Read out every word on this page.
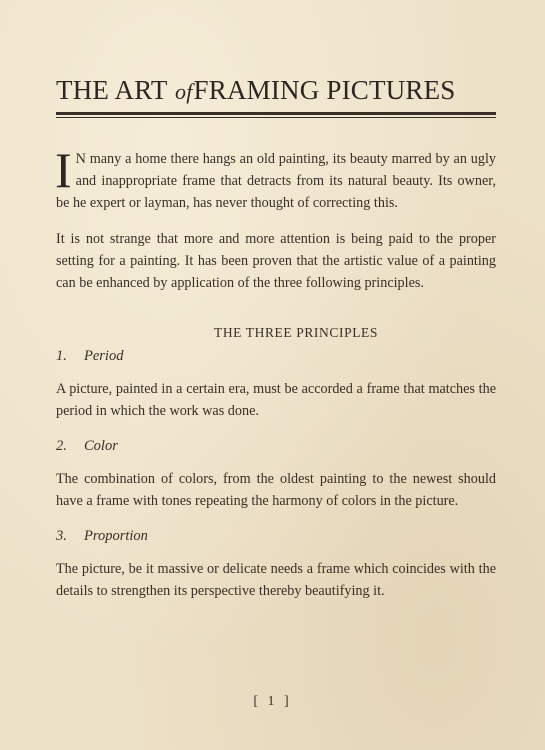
THE ART ofFRAMING PICTURES

I N many a home there hangs an old painting, its beauty marred by an ugly and inappropriate frame that detracts from its natural beauty. Its owner, be he expert or layman, has never thought of correcting this.

It is not strange that more and more attention is being paid to the proper setting for a painting. It has been proven that the artistic value of a painting can be enhanced by application of the three following principles.

THE THREE PRINCIPLES
1. Period

A picture, painted in a certain era, must be accorded a frame that matches the period in which the work was done.

2. Color

The combination of colors, from the oldest painting to the newest should have a frame with tones repeating the harmony of colors in the picture.

3. Proportion

The picture, be it massive or delicate needs a frame which coincides with the details to strengthen its perspective thereby beautifying it.

[ 1 ]
